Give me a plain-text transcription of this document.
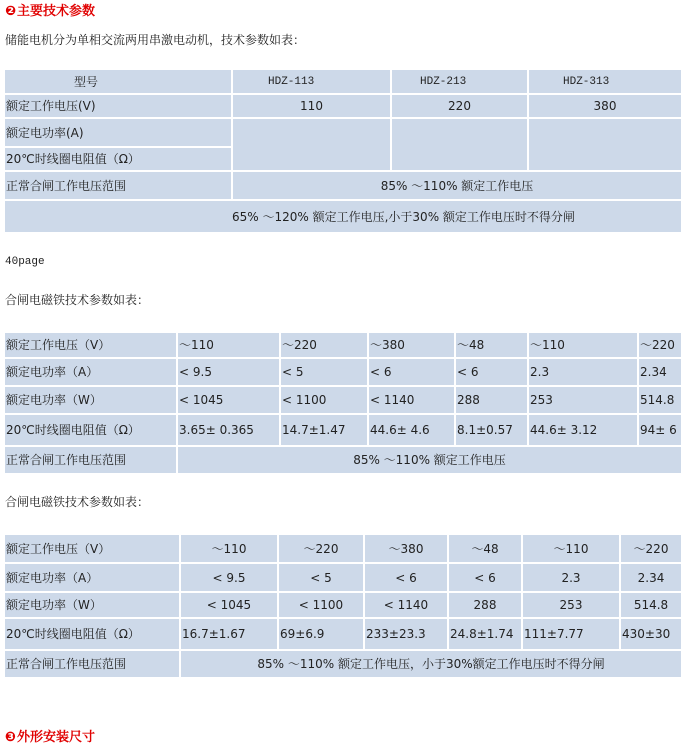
❷主要技术参数
储能电机分为单相交流两用串激电动机，技术参数如表：
型号	HDZ-113	HDZ-213	HDZ-313
额定工作电压(V)	110	220	380
额定电功率(A)			
20℃时线圈电阻值（Ω）			
正常合闸工作电压范围	85% ～110% 额定工作电压		
65% ～120% 额定工作电压,小于30% 额定工作电压时不得分闸			
40page
合闸电磁铁技术参数如表：
额定工作电压（V）	～110	～220	～380	～48	～110	～220
额定电功率（A）	< 9.5	< 5	< 6	< 6	2.3	2.34
额定电功率（W）	< 1045	< 1100	< 1140	288	253	514.8
20℃时线圈电阻值（Ω）	3.65± 0.365	14.7±1.47	44.6± 4.6	8.1±0.57	44.6± 3.12	94± 6
正常合闸工作电压范围	85% ～110% 额定工作电压					
合闸电磁铁技术参数如表：
额定工作电压（V）	～110	～220	～380	～48	～110	～220
额定电功率（A）	< 9.5	< 5	< 6	< 6	2.3	2.34
额定电功率（W）	< 1045	< 1100	< 1140	288	253	514.8
20℃时线圈电阻值（Ω）	16.7±1.67	69±6.9	233±23.3	24.8±1.74	111±7.77	430±30
正常合闸工作电压范围	85% ～110% 额定工作电压，小于30%额定工作电压时不得分闸					
❸外形安装尺寸
